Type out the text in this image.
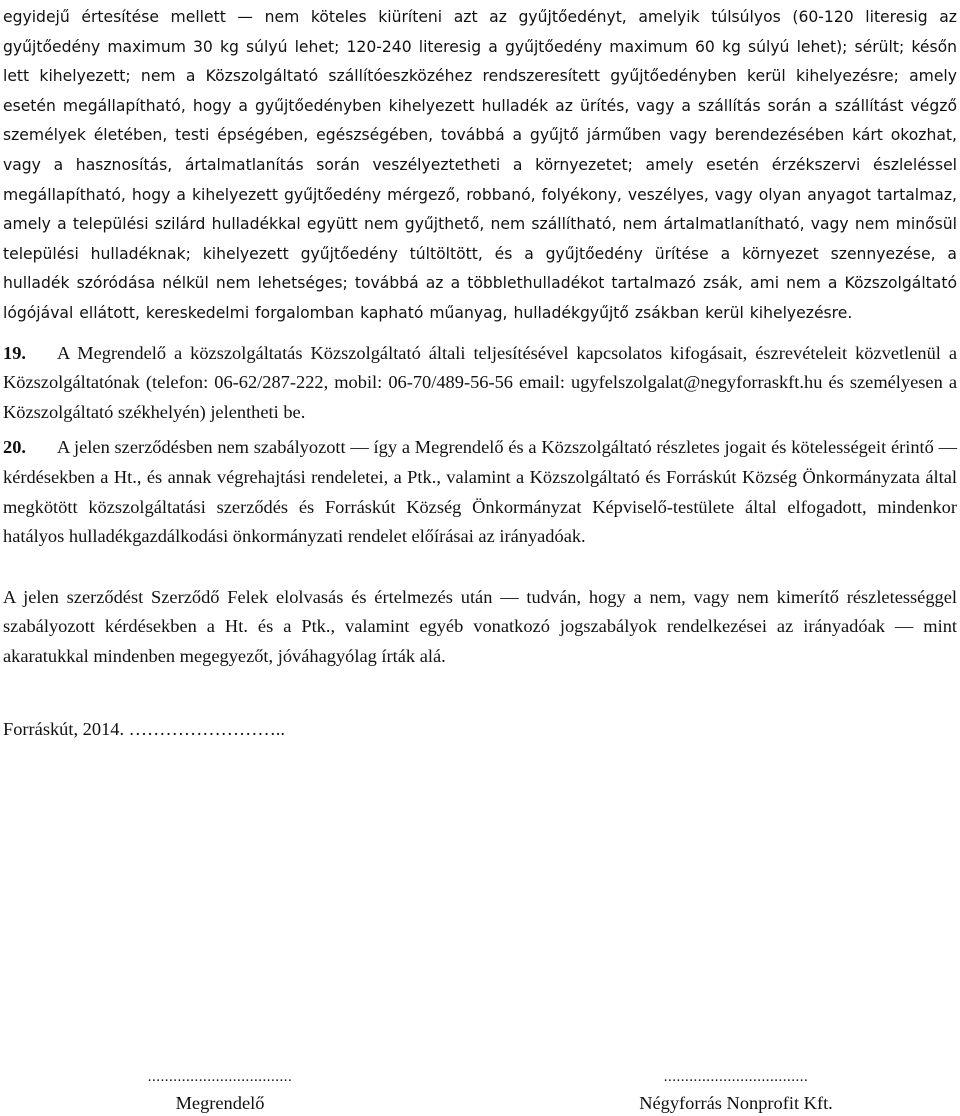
egyidejű értesítése mellett — nem köteles kiüríteni azt az gyűjtőedényt, amelyik túlsúlyos (60-120 literesig az gyűjtőedény maximum 30 kg súlyú lehet; 120-240 literesig a gyűjtőedény maximum 60 kg súlyú lehet); sérült; későn lett kihelyezett; nem a Közszolgáltató szállítóeszközéhez rendszeresített gyűjtőedényben kerül kihelyezésre; amely esetén megállapítható, hogy a gyűjtőedényben kihelyezett hulladék az ürítés, vagy a szállítás során a szállítást végző személyek életében, testi épségében, egészségében, továbbá a gyűjtő járműben vagy berendezésében kárt okozhat, vagy a hasznosítás, ártalmatlanítás során veszélyeztetheti a környezetet; amely esetén érzékszervi észleléssel megállapítható, hogy a kihelyezett gyűjtőedény mérgező, robbanó, folyékony, veszélyes, vagy olyan anyagot tartalmaz, amely a települési szilárd hulladékkal együtt nem gyűjthető, nem szállítható, nem ártalmatlanítható, vagy nem minősül települési hulladéknak; kihelyezett gyűjtőedény túltöltött, és a gyűjtőedény ürítése a környezet szennyezése, a hulladék szóródása nélkül nem lehetséges; továbbá az a többlethulladékot tartalmazó zsák, ami nem a Közszolgáltató lógójával ellátott, kereskedelmi forgalomban kapható műanyag, hulladékgyűjtő zsákban kerül kihelyezésre.

19. A Megrendelő a közszolgáltatás Közszolgáltató általi teljesítésével kapcsolatos kifogásait, észrevételeit közvetlenül a Közszolgáltatónak (telefon: 06-62/287-222, mobil: 06-70/489-56-56 email: ugyfelszolgalat@negyforraskft.hu és személyesen a Közszolgáltató székhelyén) jelentheti be.

20. A jelen szerződésben nem szabályozott — így a Megrendelő és a Közszolgáltató részletes jogait és kötelességeit érintő — kérdésekben a Ht., és annak végrehajtási rendeletei, a Ptk., valamint a Közszolgáltató és Forráskút Község Önkormányzata által megkötött közszolgáltatási szerződés és Forráskút Község Önkormányzat Képviselő-testülete által elfogadott, mindenkor hatályos hulladékgazdálkodási önkormányzati rendelet előírásai az irányadóak.

A jelen szerződést Szerződő Felek elolvasás és értelmezés után — tudván, hogy a nem, vagy nem kimerítő részletességgel szabályozott kérdésekben a Ht. és a Ptk., valamint egyéb vonatkozó jogszabályok rendelkezései az irányadóak — mint akaratukkal mindenben megegyezőt, jóváhagyólag írták alá.

Forráskút, 2014. ……………………..

..................................
Megrendelő
..................................
Négyforrás Nonprofit Kft.
